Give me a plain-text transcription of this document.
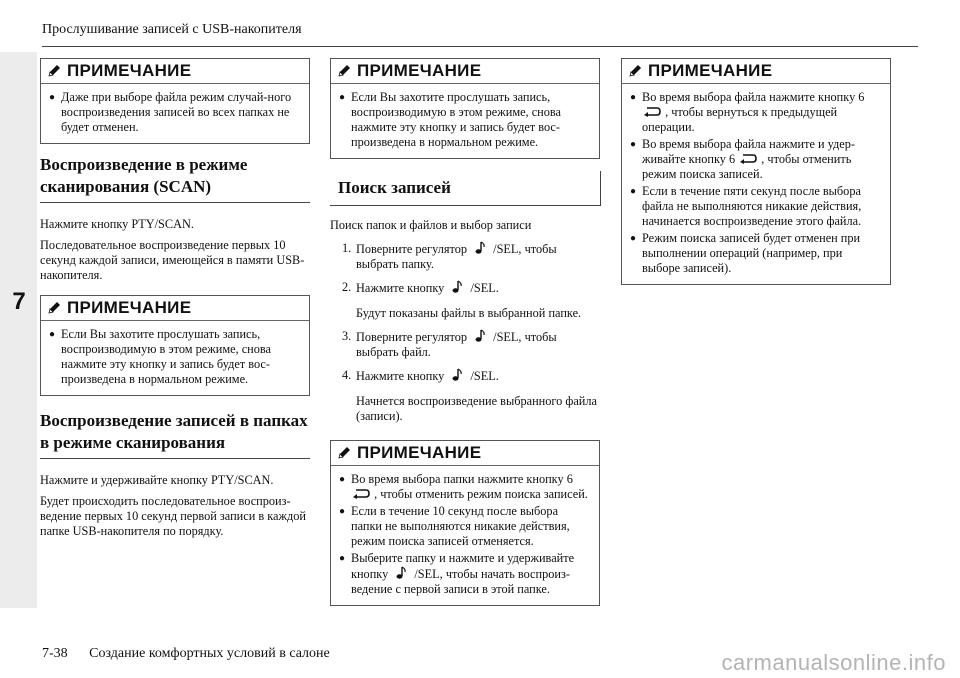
7
Прослушивание записей с USB-накопителя
ПРИМЕЧАНИЕ
● Даже при выборе файла режим случай-ного воспроизведения записей во всех папках не будет отменен.
Воспроизведение в режиме сканирования (SCAN)
Нажмите кнопку PTY/SCAN.
Последовательное воспроизведение первых 10 секунд каждой записи, имеющейся в памяти USB-накопителя.
ПРИМЕЧАНИЕ
● Если Вы захотите прослушать запись, воспроизводимую в этом режиме, снова нажмите эту кнопку и запись будет вос-произведена в нормальном режиме.
Воспроизведение записей в папках в режиме сканирования
Нажмите и удерживайте кнопку PTY/SCAN.
Будет происходить последовательное воспроиз-ведение первых 10 секунд первой записи в каждой папке USB-накопителя по порядку.
ПРИМЕЧАНИЕ
● Если Вы захотите прослушать запись, воспроизводимую в этом режиме, снова нажмите эту кнопку и запись будет вос-произведена в нормальном режиме.
Поиск записей
Поиск папок и файлов и выбор записи
1. Поверните регулятор /SEL, чтобы выбрать папку.
2. Нажмите кнопку /SEL.
Будут показаны файлы в выбранной папке.
3. Поверните регулятор /SEL, чтобы выбрать файл.
4. Нажмите кнопку /SEL.
Начнется воспроизведение выбранного файла (записи).
ПРИМЕЧАНИЕ
● Во время выбора папки нажмите кнопку 6  , чтобы отменить режим поиска записей.
● Если в течение 10 секунд после выбора папки не выполняются никакие действия, режим поиска записей отменяется.
● Выберите папку и нажмите и удерживайте кнопку /SEL, чтобы начать воспроиз-ведение с первой записи в этой папке.
ПРИМЕЧАНИЕ
● Во время выбора файла нажмите кнопку 6  , чтобы вернуться к предыдущей операции.
● Во время выбора файла нажмите и удер-живайте кнопку 6 , чтобы отменить режим поиска записей.
● Если в течение пяти секунд после выбора файла не выполняются никакие действия, начинается воспроизведение этого файла.
● Режим поиска записей будет отменен при выполнении операций (например, при выборе записей).
7-38 Создание комфортных условий в салоне	carmanualsonline.info
